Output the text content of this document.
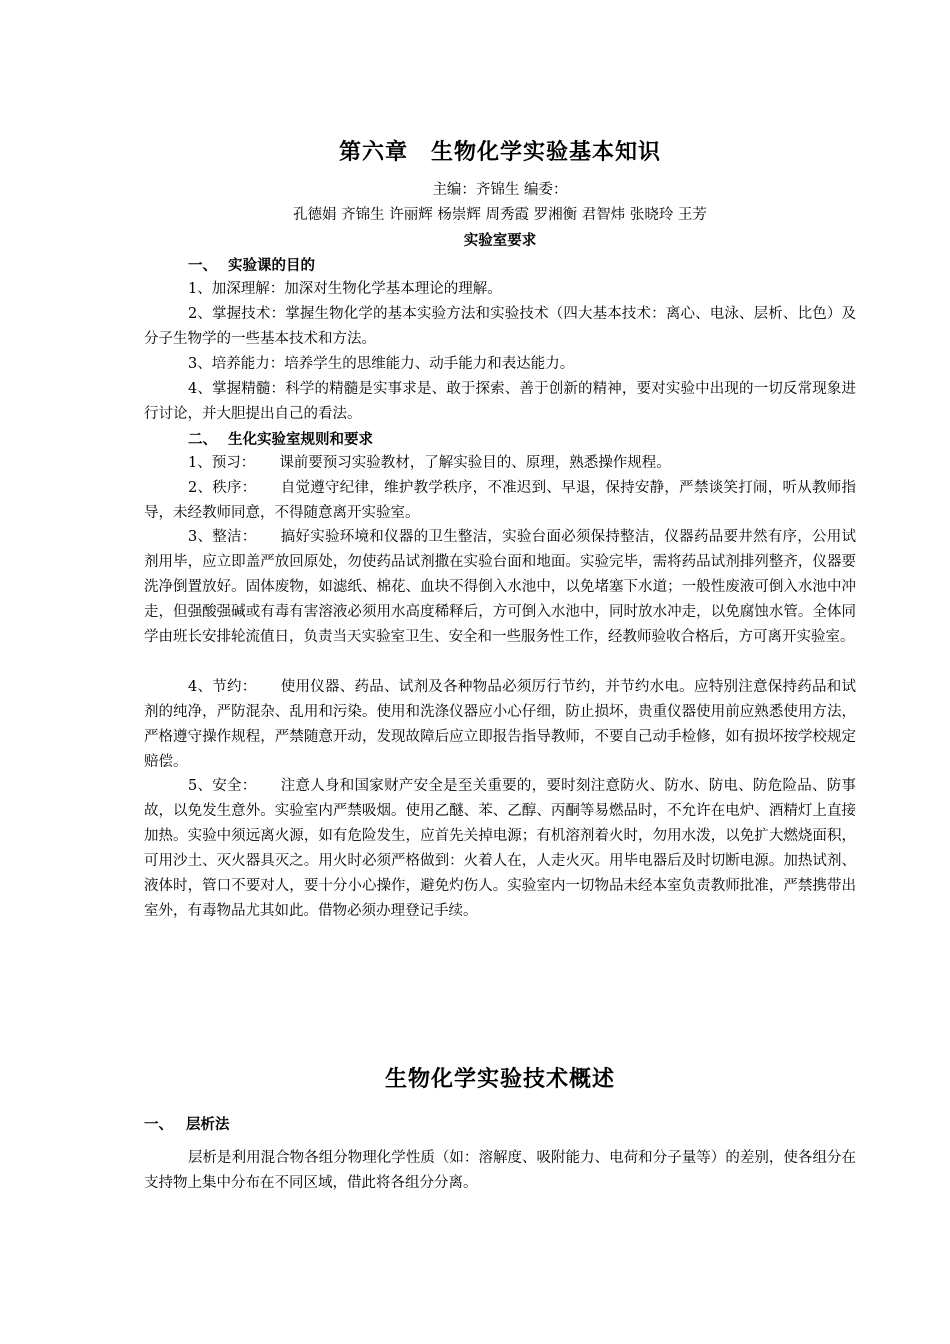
第六章　生物化学实验基本知识
主编：齐锦生 编委：
孔德娟 齐锦生 许丽辉 杨崇辉 周秀霞 罗湘衡 君智炜 张晓玲 王芳
实验室要求
一、 实验课的目的
1、加深理解：加深对生物化学基本理论的理解。
2、掌握技术：掌握生物化学的基本实验方法和实验技术（四大基本技术：离心、电泳、层析、比色）及分子生物学的一些基本技术和方法。
3、培养能力：培养学生的思维能力、动手能力和表达能力。
4、掌握精髓：科学的精髓是实事求是、敢于探索、善于创新的精神，要对实验中出现的一切反常现象进行讨论，并大胆提出自己的看法。
二、 生化实验室规则和要求
1、预习： 课前要预习实验教材，了解实验目的、原理，熟悉操作规程。
2、秩序： 自觉遵守纪律，维护教学秩序，不准迟到、早退，保持安静，严禁谈笑打闹，听从教师指导，未经教师同意，不得随意离开实验室。
3、整洁： 搞好实验环境和仪器的卫生整洁，实验台面必须保持整洁，仪器药品要井然有序，公用试剂用毕，应立即盖严放回原处，勿使药品试剂撒在实验台面和地面。实验完毕，需将药品试剂排列整齐，仪器要洗净倒置放好。固体废物，如滤纸、棉花、血块不得倒入水池中，以免堵塞下水道；一般性废液可倒入水池中冲走，但强酸强碱或有毒有害溶液必须用水高度稀释后，方可倒入水池中，同时放水冲走，以免腐蚀水管。全体同学由班长安排轮流值日，负责当天实验室卫生、安全和一些服务性工作，经教师验收合格后，方可离开实验室。
4、节约： 使用仪器、药品、试剂及各种物品必须厉行节约，并节约水电。应特别注意保持药品和试剂的纯净，严防混杂、乱用和污染。使用和洗涤仪器应小心仔细，防止损坏，贵重仪器使用前应熟悉使用方法，严格遵守操作规程，严禁随意开动，发现故障后应立即报告指导教师，不要自己动手检修，如有损坏按学校规定赔偿。
5、安全： 注意人身和国家财产安全是至关重要的，要时刻注意防火、防水、防电、防危险品、防事故，以免发生意外。实验室内严禁吸烟。使用乙醚、苯、乙醇、丙酮等易燃品时，不允许在电炉、酒精灯上直接加热。实验中须远离火源，如有危险发生，应首先关掉电源；有机溶剂着火时，勿用水泼，以免扩大燃烧面积，可用沙土、灭火器具灭之。用火时必须严格做到：火着人在，人走火灭。用毕电器后及时切断电源。加热试剂、液体时，管口不要对人，要十分小心操作，避免灼伤人。实验室内一切物品未经本室负责教师批准，严禁携带出室外，有毒物品尤其如此。借物必须办理登记手续。
生物化学实验技术概述
一、 层析法
层析是利用混合物各组分物理化学性质（如：溶解度、吸附能力、电荷和分子量等）的差别，使各组分在支持物上集中分布在不同区域，借此将各组分分离。
